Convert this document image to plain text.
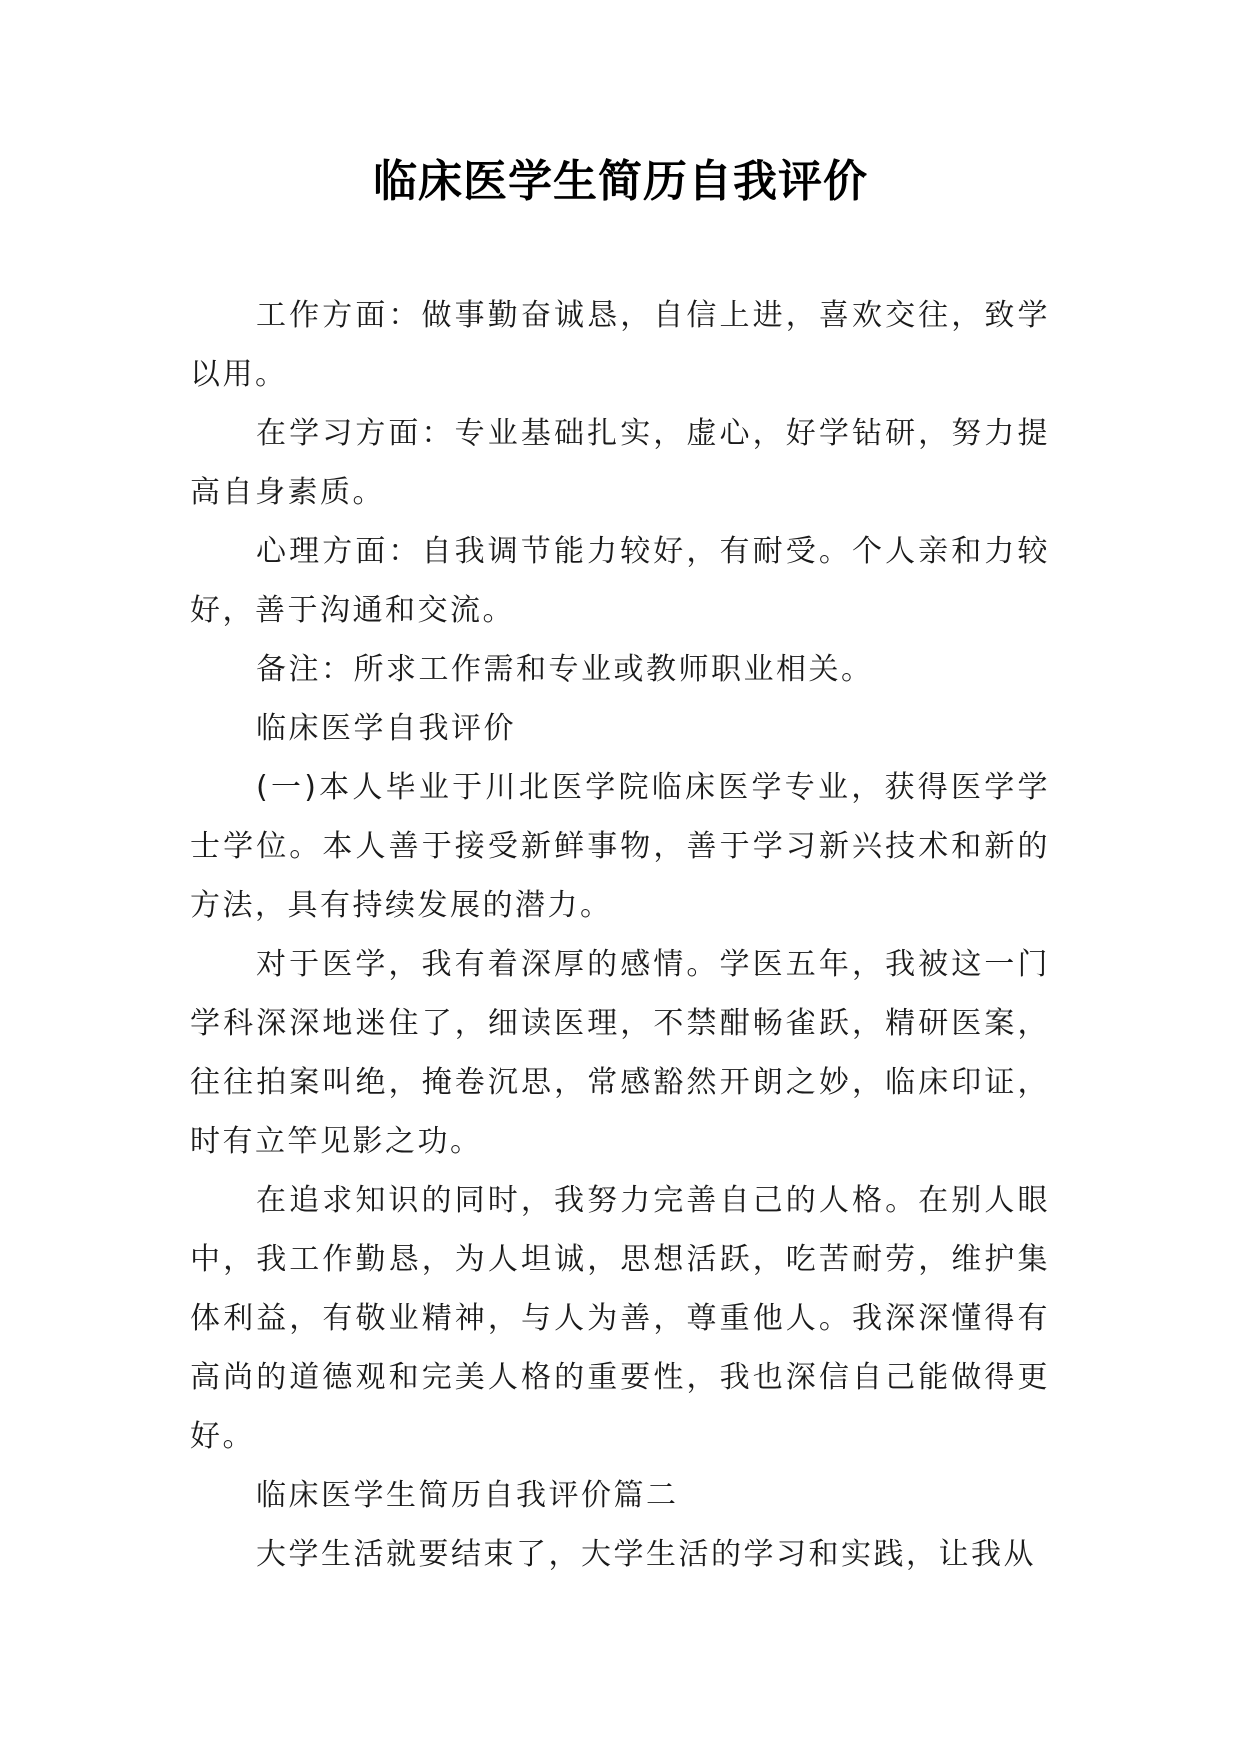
临床医学生简历自我评价

工作方面：做事勤奋诚恳，自信上进，喜欢交往，致学以用。

在学习方面：专业基础扎实，虚心，好学钻研，努力提高自身素质。

心理方面：自我调节能力较好，有耐受。个人亲和力较好，善于沟通和交流。

备注：所求工作需和专业或教师职业相关。

临床医学自我评价

(一)本人毕业于川北医学院临床医学专业，获得医学学士学位。本人善于接受新鲜事物，善于学习新兴技术和新的方法，具有持续发展的潜力。

对于医学，我有着深厚的感情。学医五年，我被这一门学科深深地迷住了，细读医理，不禁酣畅雀跃，精研医案，往往拍案叫绝，掩卷沉思，常感豁然开朗之妙，临床印证，时有立竿见影之功。

在追求知识的同时，我努力完善自己的人格。在别人眼中，我工作勤恳，为人坦诚，思想活跃，吃苦耐劳，维护集体利益，有敬业精神，与人为善，尊重他人。我深深懂得有高尚的道德观和完美人格的重要性，我也深信自己能做得更好。

临床医学生简历自我评价篇二

大学生活就要结束了，大学生活的学习和实践，让我从
